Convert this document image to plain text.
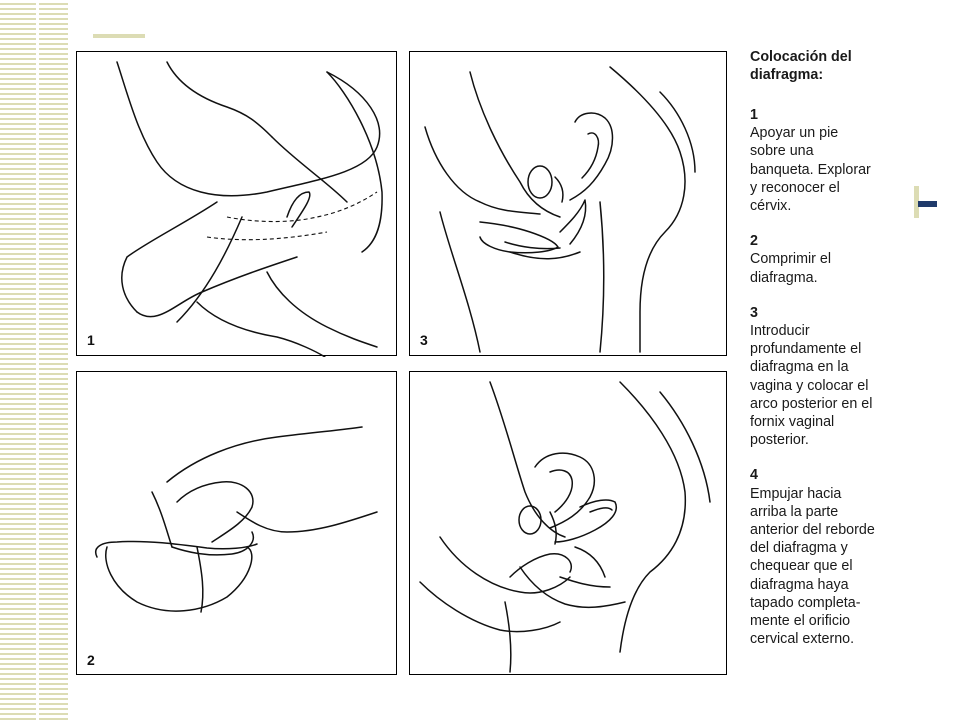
1	3
2
Colocación del
diafragma:
1
Apoyar un pie
sobre una
banqueta. Explorar
y reconocer el
cérvix.
2
Comprimir el
diafragma.
3
Introducir
profundamente el
diafragma en la
vagina y colocar el
arco posterior en el
fornix vaginal
posterior.
4
Empujar hacia
arriba la parte
anterior del reborde
del diafragma y
chequear que el
diafragma haya
tapado completa-
mente el orificio
cervical externo.
